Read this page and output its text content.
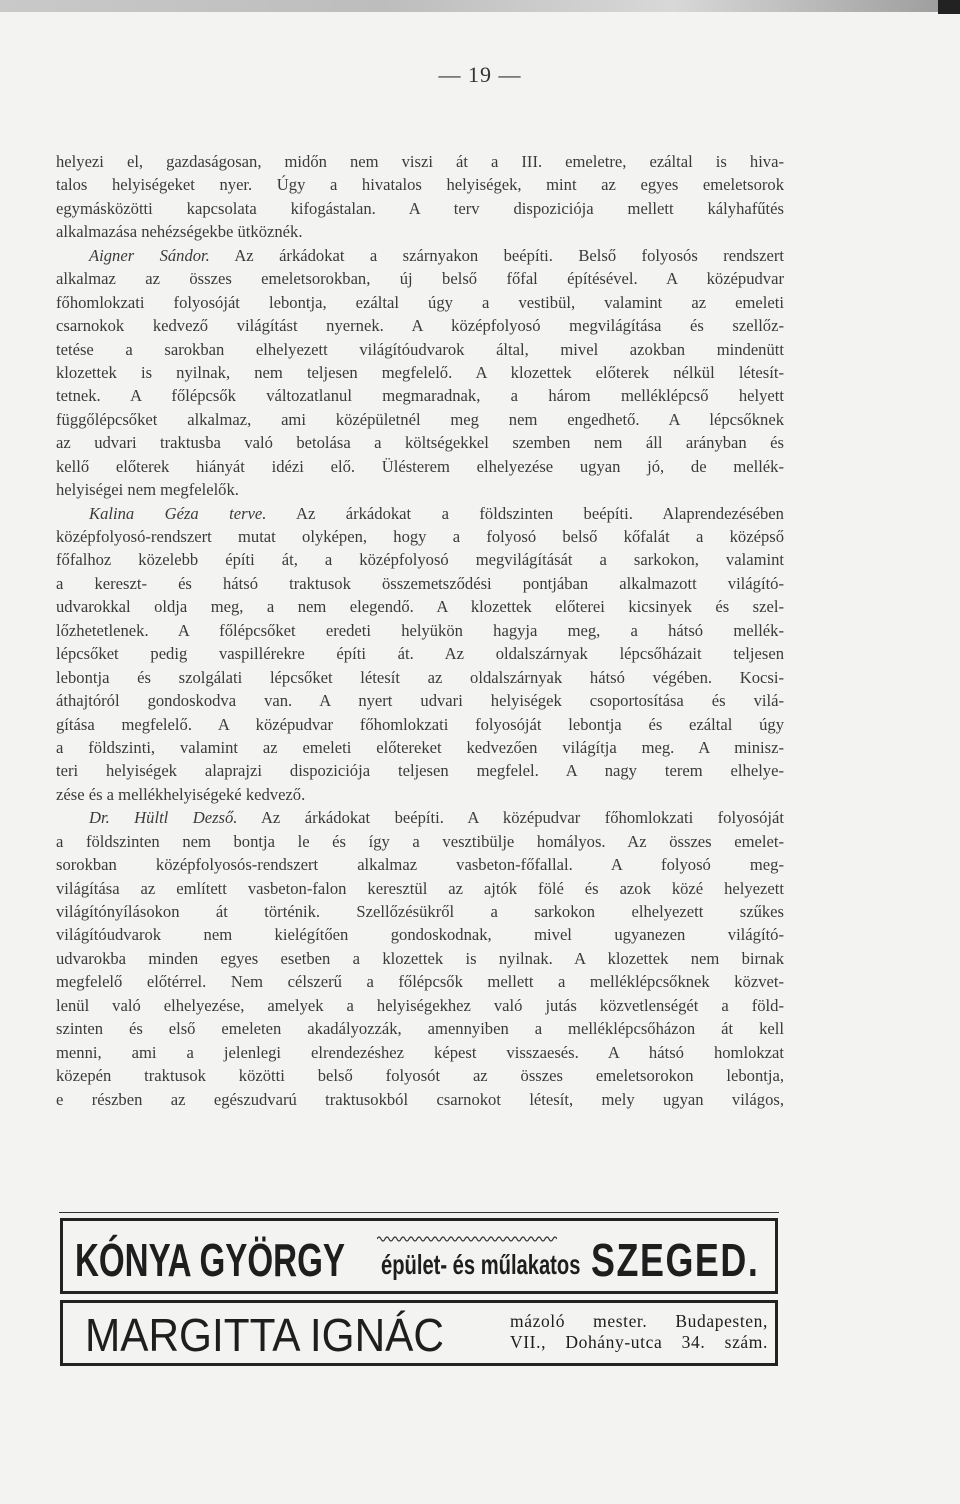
— 19 —
helyezi el, gazdaságosan, midőn nem viszi át a III. emeletre, ezáltal is hiva-
talos helyiségeket nyer. Úgy a hivatalos helyiségek, mint az egyes emeletsorok
egymásközötti kapcsolata kifogástalan. A terv dispoziciója mellett kályhafűtés
alkalmazása nehézségekbe ütköznék.
Aigner Sándor. Az árkádokat a szárnyakon beépíti. Belső folyosós rendszert
alkalmaz az összes emeletsorokban, új belső főfal építésével. A középudvar
főhomlokzati folyosóját lebontja, ezáltal úgy a vestibül, valamint az emeleti
csarnokok kedvező világítást nyernek. A középfolyosó megvilágítása és szellőz-
tetése a sarokban elhelyezett világítóudvarok által, mivel azokban mindenütt
klozettek is nyilnak, nem teljesen megfelelő. A klozettek előterek nélkül létesít-
tetnek. A főlépcsők változatlanul megmaradnak, a három melléklépcső helyett
függőlépcsőket alkalmaz, ami középületnél meg nem engedhető. A lépcsőknek
az udvari traktusba való betolása a költségekkel szemben nem áll arányban és
kellő előterek hiányát idézi elő. Ülésterem elhelyezése ugyan jó, de mellék-
helyiségei nem megfelelők.
Kalina Géza terve. Az árkádokat a földszinten beépíti. Alaprendezésében
középfolyosó-rendszert mutat olyképen, hogy a folyosó belső kőfalát a középső
főfalhoz közelebb építi át, a középfolyosó megvilágítását a sarkokon, valamint
a kereszt- és hátsó traktusok összemetsződési pontjában alkalmazott világító-
udvarokkal oldja meg, a nem elegendő. A klozettek előterei kicsinyek és szel-
lőzhetetlenek. A főlépcsőket eredeti helyükön hagyja meg, a hátsó mellék-
lépcsőket pedig vaspillérekre építi át. Az oldalszárnyak lépcsőházait teljesen
lebontja és szolgálati lépcsőket létesít az oldalszárnyak hátsó végében. Kocsi-
áthajtóról gondoskodva van. A nyert udvari helyiségek csoportosítása és vilá-
gítása megfelelő. A középudvar főhomlokzati folyosóját lebontja és ezáltal úgy
a földszinti, valamint az emeleti előtereket kedvezően világítja meg. A minisz-
teri helyiségek alaprajzi dispoziciója teljesen megfelel. A nagy terem elhelye-
zése és a mellékhelyiségeké kedvező.
Dr. Hültl Dezső. Az árkádokat beépíti. A középudvar főhomlokzati folyosóját
a földszinten nem bontja le és így a vesztibülje homályos. Az összes emelet-
sorokban középfolyosós-rendszert alkalmaz vasbeton-főfallal. A folyosó meg-
világítása az említett vasbeton-falon keresztül az ajtók fölé és azok közé helyezett
világítónyílásokon át történik. Szellőzésükről a sarkokon elhelyezett szűkes
világítóudvarok nem kielégítően gondoskodnak, mivel ugyanezen világító-
udvarokba minden egyes esetben a klozettek is nyilnak. A klozettek nem birnak
megfelelő előtérrel. Nem célszerű a főlépcsők mellett a melléklépcsőknek közvet-
lenül való elhelyezése, amelyek a helyiségekhez való jutás közvetlenségét a föld-
szinten és első emeleten akadályozzák, amennyiben a melléklépcsőházon át kell
menni, ami a jelenlegi elrendezéshez képest visszaesés. A hátsó homlokzat
közepén traktusok közötti belső folyosót az összes emeletsorokon lebontja,
e részben az egészudvarú traktusokból csarnokot létesít, mely ugyan világos,
KÓNYA GYÖRGY épület- és műlakatos SZEGED.
MARGITTA IGNÁC	mázoló mester. Budapesten,
VII., Dohány-utca 34. szám.
